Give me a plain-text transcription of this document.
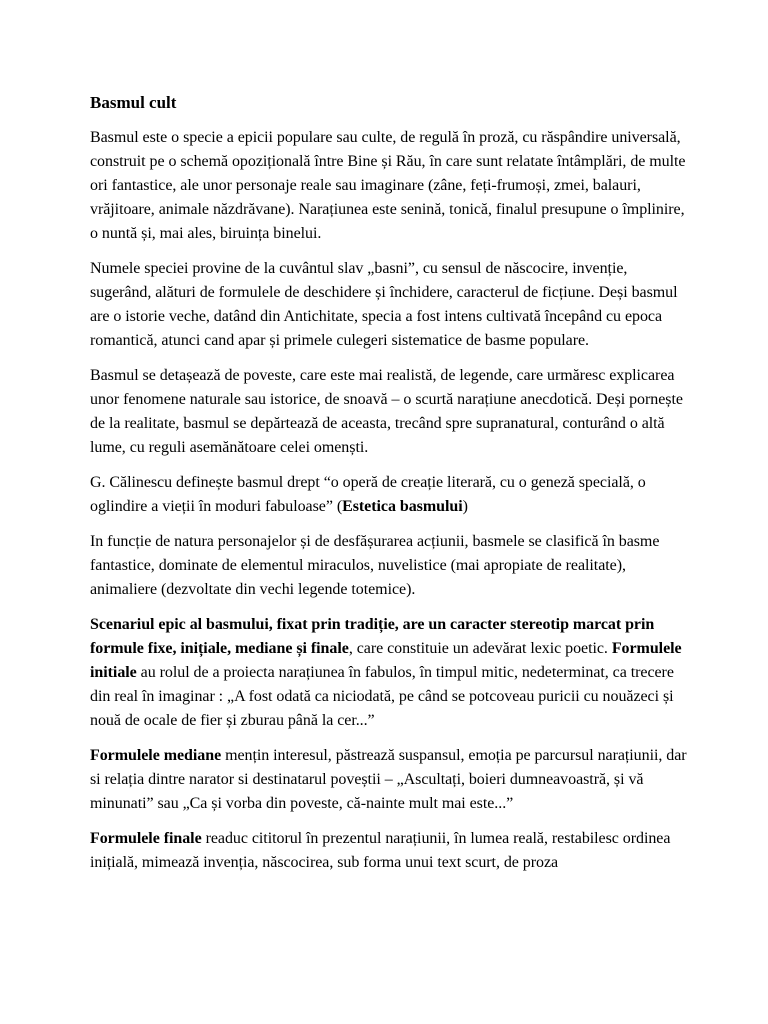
Basmul cult

Basmul este o specie a epicii populare sau culte, de regulă în proză, cu răspândire universală, construit pe o schemă opozițională între Bine și Rău, în care sunt relatate întâmplări, de multe ori fantastice, ale unor personaje reale sau imaginare (zâne, feți-frumoși, zmei, balauri, vrăjitoare, animale năzdrăvane). Narațiunea este senină, tonică, finalul presupune o împlinire, o nuntă și, mai ales, biruința binelui.

Numele speciei provine de la cuvântul slav „basni”, cu sensul de născocire, invenție, sugerând, alături de formulele de deschidere și închidere, caracterul de ficțiune. Deși basmul are o istorie veche, datând din Antichitate, specia a fost intens cultivată începând cu epoca romantică, atunci cand apar și primele culegeri sistematice de basme populare.

Basmul se detașează de poveste, care este mai realistă, de legende, care urmăresc explicarea unor fenomene naturale sau istorice, de snoavă – o scurtă narațiune anecdotică. Deși pornește de la realitate, basmul se depărtează de aceasta, trecând spre supranatural, conturând o altă lume, cu reguli asemănătoare celei omenști.

G. Călinescu definește basmul drept “o operă de creație literară, cu o geneză specială, o oglindire a vieții în moduri fabuloase” (Estetica basmului)

In funcție de natura personajelor și de desfășurarea acțiunii, basmele se clasifică în basme fantastice, dominate de elementul miraculos, nuvelistice (mai apropiate de realitate), animaliere (dezvoltate din vechi legende totemice).

Scenariul epic al basmului, fixat prin tradiție, are un caracter stereotip marcat prin formule fixe, inițiale, mediane și finale, care constituie un adevărat lexic poetic. Formulele initiale au rolul de a proiecta narațiunea în fabulos, în timpul mitic, nedeterminat, ca trecere din real în imaginar : „A fost odată ca niciodată, pe când se potcoveau puricii cu nouăzeci și nouă de ocale de fier și zburau până la cer...”

Formulele mediane mențin interesul, păstrează suspansul, emoția pe parcursul narațiunii, dar si relația dintre narator si destinatarul poveștii – „Ascultați, boieri dumneavoastră, și vă minunati” sau „Ca și vorba din poveste, că-nainte mult mai este...”

Formulele finale readuc cititorul în prezentul narațiunii, în lumea reală, restabilesc ordinea inițială, mimează invenția, născocirea, sub forma unui text scurt, de proza
